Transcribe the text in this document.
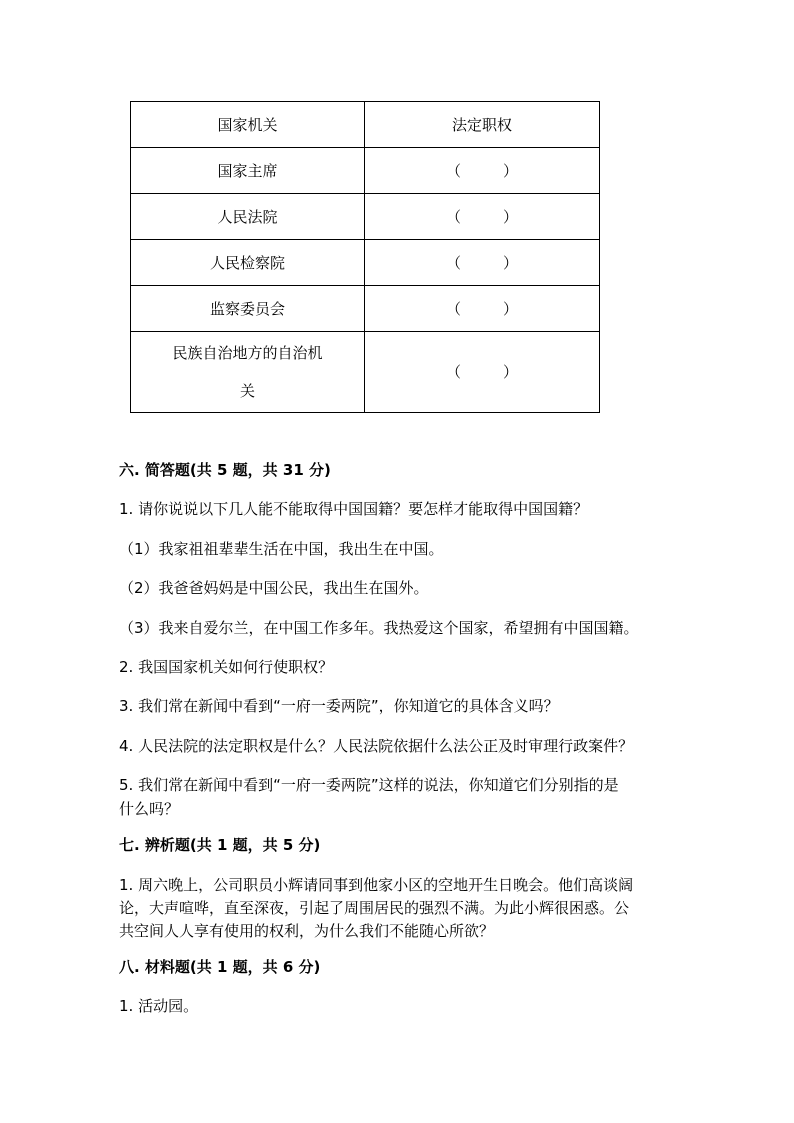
国家机关	法定职权
国家主席	（ ）

人民法院	（ ）

人民检察院	（ ）

监察委员会	（ ）

民族自治地方的自治机
关	（ ）
六. 简答题(共 5 题，共 31 分)
1. 请你说说以下几人能不能取得中国国籍？要怎样才能取得中国国籍？
（1）我家祖祖辈辈生活在中国，我出生在中国。
（2）我爸爸妈妈是中国公民，我出生在国外。
（3）我来自爱尔兰，在中国工作多年。我热爱这个国家，希望拥有中国国籍。
2. 我国国家机关如何行使职权？
3. 我们常在新闻中看到“一府一委两院”，你知道它的具体含义吗？
4. 人民法院的法定职权是什么？人民法院依据什么法公正及时审理行政案件？
5. 我们常在新闻中看到“一府一委两院”这样的说法，你知道它们分别指的是
什么吗？
七. 辨析题(共 1 题，共 5 分)
1. 周六晚上，公司职员小辉请同事到他家小区的空地开生日晚会。他们高谈阔
论，大声喧哗，直至深夜，引起了周围居民的强烈不满。为此小辉很困惑。公
共空间人人享有使用的权利，为什么我们不能随心所欲？
八. 材料题(共 1 题，共 6 分)
1. 活动园。
